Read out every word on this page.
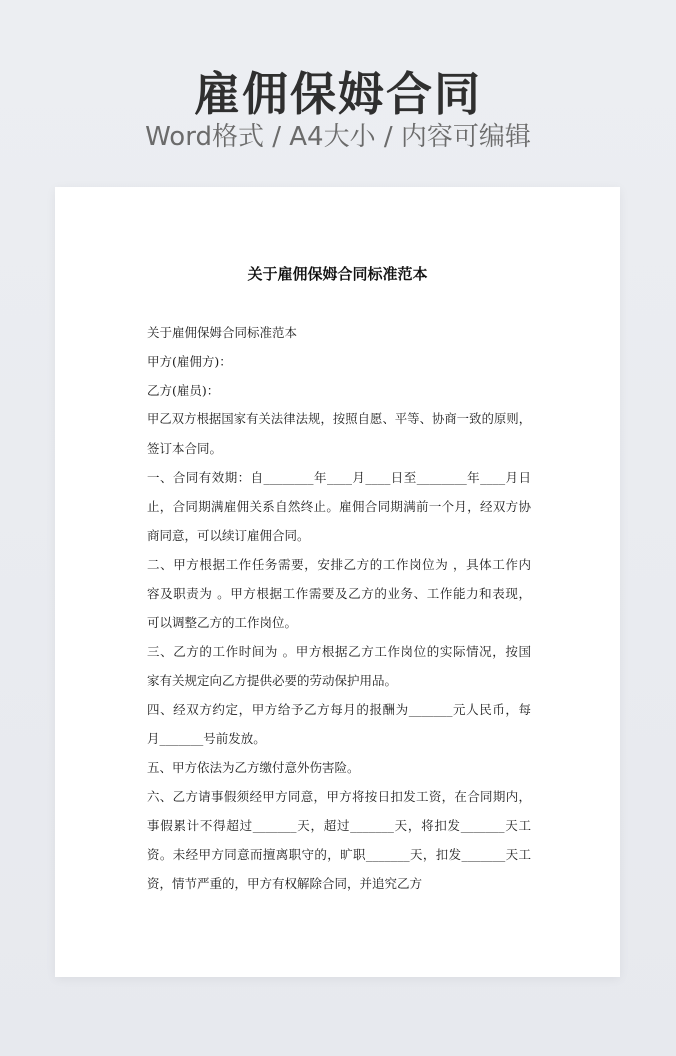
雇佣保姆合同
Word格式 / A4大小 / 内容可编辑
关于雇佣保姆合同标准范本
关于雇佣保姆合同标准范本
甲方(雇佣方)：
乙方(雇员)：
甲乙双方根据国家有关法律法规，按照自愿、平等、协商一致的原则，
签订本合同。
一、合同有效期：自________年____月____日至________年____月日
止，合同期满雇佣关系自然终止。雇佣合同期满前一个月，经双方协
商同意，可以续订雇佣合同。
二、甲方根据工作任务需要，安排乙方的工作岗位为 ，具体工作内
容及职责为 。甲方根据工作需要及乙方的业务、工作能力和表现，
可以调整乙方的工作岗位。
三、乙方的工作时间为 。甲方根据乙方工作岗位的实际情况，按国
家有关规定向乙方提供必要的劳动保护用品。
四、经双方约定，甲方给予乙方每月的报酬为_______元人民币，每
月_______号前发放。
五、甲方依法为乙方缴付意外伤害险。
六、乙方请事假须经甲方同意，甲方将按日扣发工资，在合同期内，
事假累计不得超过_______天，超过_______天，将扣发_______天工
资。未经甲方同意而擅离职守的，旷职_______天，扣发_______天工
资，情节严重的，甲方有权解除合同，并追究乙方
